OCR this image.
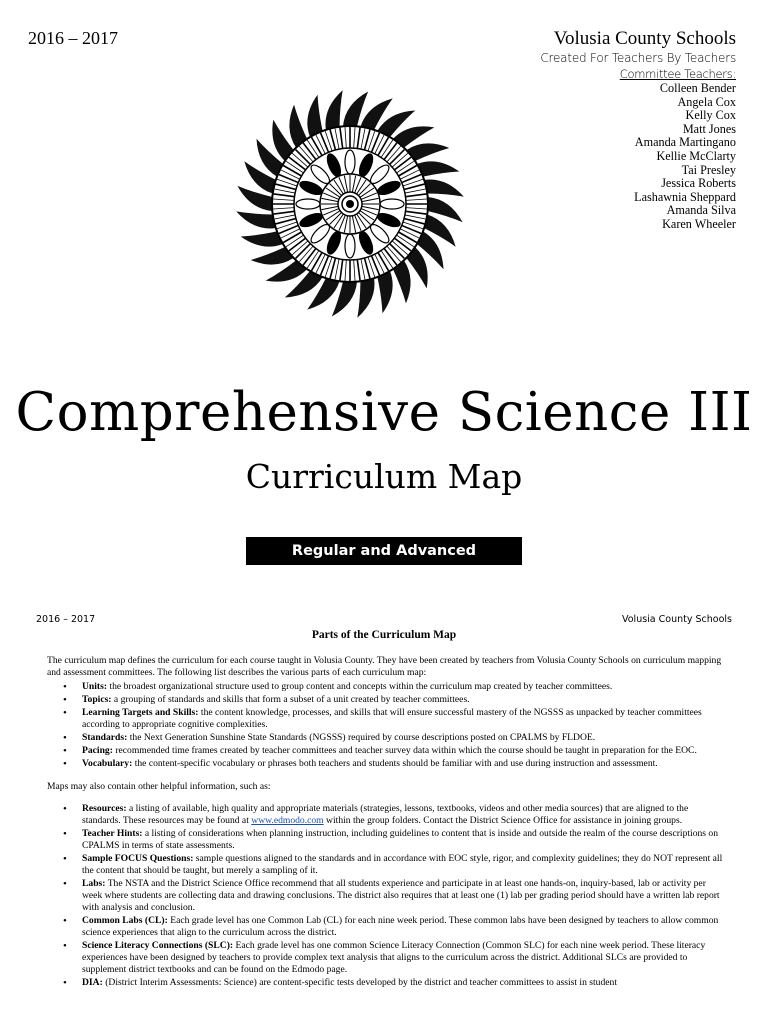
2016 – 2017	Volusia County Schools
Created For Teachers By Teachers
Committee Teachers:
Colleen Bender
Angela Cox
Kelly Cox
Matt Jones
Amanda Martingano
Kellie McClarty
Tai Presley
Jessica Roberts
Lashawnia Sheppard
Amanda Silva
Karen Wheeler
Comprehensive Science III
Curriculum Map
Regular and Advanced
2016 – 2017	Volusia County Schools
Parts of the Curriculum Map

The curriculum map defines the curriculum for each course taught in Volusia County. They have been created by teachers from Volusia County Schools on curriculum mapping and assessment committees. The following list describes the various parts of each curriculum map:

• Units: the broadest organizational structure used to group content and concepts within the curriculum map created by teacher committees.
• Topics: a grouping of standards and skills that form a subset of a unit created by teacher committees.
• Learning Targets and Skills: the content knowledge, processes, and skills that will ensure successful mastery of the NGSSS as unpacked by teacher committees according to appropriate cognitive complexities.
• Standards: the Next Generation Sunshine State Standards (NGSSS) required by course descriptions posted on CPALMS by FLDOE.
• Pacing: recommended time frames created by teacher committees and teacher survey data within which the course should be taught in preparation for the EOC.
• Vocabulary: the content-specific vocabulary or phrases both teachers and students should be familiar with and use during instruction and assessment.

Maps may also contain other helpful information, such as:

• Resources: a listing of available, high quality and appropriate materials (strategies, lessons, textbooks, videos and other media sources) that are aligned to the standards. These resources may be found at www.edmodo.com within the group folders. Contact the District Science Office for assistance in joining groups.
• Teacher Hints: a listing of considerations when planning instruction, including guidelines to content that is inside and outside the realm of the course descriptions on CPALMS in terms of state assessments.
• Sample FOCUS Questions: sample questions aligned to the standards and in accordance with EOC style, rigor, and complexity guidelines; they do NOT represent all the content that should be taught, but merely a sampling of it.
• Labs: The NSTA and the District Science Office recommend that all students experience and participate in at least one hands-on, inquiry-based, lab or activity per week where students are collecting data and drawing conclusions. The district also requires that at least one (1) lab per grading period should have a written lab report with analysis and conclusion.
• Common Labs (CL): Each grade level has one Common Lab (CL) for each nine week period. These common labs have been designed by teachers to allow common science experiences that align to the curriculum across the district.
• Science Literacy Connections (SLC): Each grade level has one common Science Literacy Connection (Common SLC) for each nine week period. These literacy experiences have been designed by teachers to provide complex text analysis that aligns to the curriculum across the district. Additional SLCs are provided to supplement district textbooks and can be found on the Edmodo page.
• DIA: (District Interim Assessments: Science) are content-specific tests developed by the district and teacher committees to assist in student
